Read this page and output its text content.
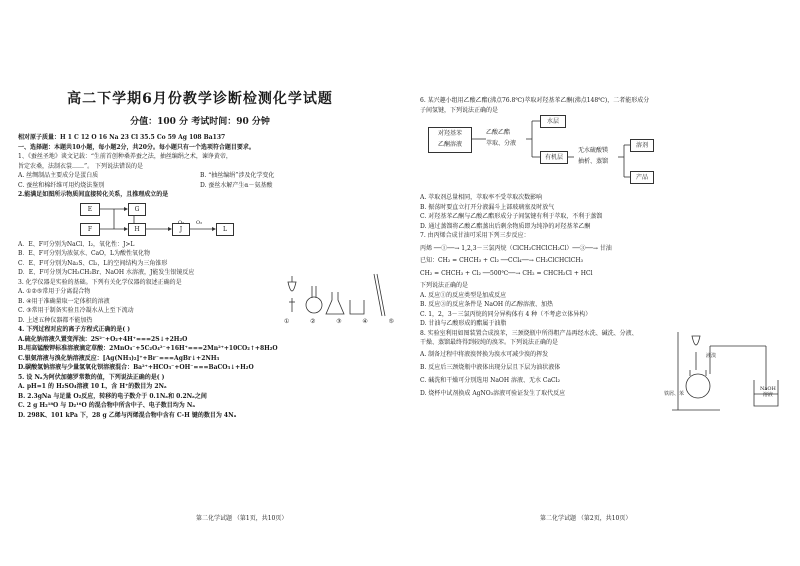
高二下学期6月份教学诊断检测化学试题
分值：100 分 考试时间：90 分钟

相对原子质量：H 1 C 12 O 16 Na 23 Cl 35.5 Co 59 Ag 108 Ba137

一、选择题：本题共10小题，每小题2分，共20分。每小题只有一个选项符合题目要求。

1、《蚕丝圣地》谈文记载：“生前首创种桑养蚕之法，抽丝编绢之术，谏诤黄帝，

旨定农桑，法制衣裳……”。 下列说法错误的是

A. 丝绸制品主要成分是蛋白质	B. “抽丝编绢”涉及化学变化

C. 蚕丝和棉纤维可用灼烧法鉴别	D. 蚕丝水解产生α－氨基酸

2.能满足如图所示物质间直接转化关系，且推理成立的是

E
F
G
H	J
O₂
L

A．E、F可分别为NaCl、I₂，氧化性：J>L

B．E、F可分别为浓氨水、CaO，L为酸性氧化物

C．E、F可分别为Na₂S、Cl₂，L的空间结构为三角锥形

D．E、F可分别为CH₃CH₂Br、NaOH 水溶液，J能发生银镜反应

3. 化学仪器是实验的基础。下列有关化学仪器的叙述正确的是

A. ①②⑤常用于分离混合物

B. ④用于准确量取一定体积的溶液

C. ③常用于制备实验且冷凝水从上至下流动

D. 上述五种仪器都不能加热	①	②	③	④	⑤

4. 下列过程对应的离子方程式正确的是( )

A.硫化钠溶液久置变浑浊：2S²⁻+O₂+4H⁺===2S↓+2H₂O

B.用高锰酸钾标准溶液滴定草酸：2MnO₄⁻+5C₂O₄²⁻+16H⁺===2Mn²⁺+10CO₂↑+8H₂O

C.银氨溶液与溴化钠溶液反应：[Ag(NH₃)₂]⁺+Br⁻===AgBr↓+2NH₃

D.碳酸氢钠溶液与少量氢氧化钡溶液混合：Ba²⁺+HCO₃⁻+OH⁻===BaCO₃↓+H₂O

5. 设 Nₐ为阿伏加德罗常数的值，下列说法正确的是( )

A. pH=1 的 H₂SO₄溶液 10 L，含 H⁺的数目为 2Nₐ

B. 2.3gNa 与足量 O₂反应，转移的电子数介于 0.1Nₐ和 0.2Nₐ之间

C. 2 g H₂¹⁸O 与 D₂¹⁶O 的混合物中所含中子、电子数目均为 Nₐ

D. 298K、101 kPa 下，28 g 乙烯与丙烯混合物中含有 C-H 键的数目为 4Nₐ

第二化学试题 （第1页，共10页）

6. 某兴趣小组用乙酸乙酯(沸点76.8℃)萃取对羟基苯乙酮(沸点148℃)，二者能形成分

子间氢键，下列说法正确的是

对羟基苯
乙酮溶液
乙酸乙酯
萃取、分液
水层
有机层
无水硫酸镁
抽析、蒸馏
溶剂
产品

A. 萃取剂总量相同，萃取率不受萃取次数影响

B. 振荡时要直立打开分液漏斗上部玻璃塞及时放气

C. 对羟基苯乙酮与乙酸乙酯形成分子间氢键有利于萃取，不利于蒸馏

D. 通过蒸馏将乙酸乙酯蒸出后剩余物质即为纯净的对羟基苯乙酮

7. 由丙烯合成甘油可采用下列三步反应：

丙烯 ──①──→ 1,2,3－三氯丙烷（ClCH₂CHClCH₂Cl）──③──→ 甘油

已知：CH₂ = CHCH₃ + Cl₂ ──CCl₄──→ CH₂ClCHClCH₃

CH₂ = CHCH₃ + Cl₂ ──500℃──→ CH₂ = CHCH₂Cl + HCl

下列说法正确的是

A. 反应①的反应类型是加成反应

B. 反应③的反应条件是 NaOH 的乙醇溶液、加热

C. 1，2，3－三氯丙烷的同分异构体有 4 种（不考虑立体异构）

D. 甘油与乙酸形成的酯属于油脂

8. 实验室利用如图装置合成溴苯，三颈烧瓶中所得粗产品再经水洗、碱洗、分液、

干燥、蒸馏最终得到较纯的溴苯。下列说法正确的是

A. 制备过程中将液溴替换为溴水可减少溴的挥发

B. 反应后三颈烧瓶中液体出现分层且下层为油状液体

C. 碱洗和干燥可分别选用 NaOH 溶液、无水 CaCl₂

D. 烧杯中试剂换成 AgNO₃溶液可验证发生了取代反应

液溴
铁屑、苯
NaOH
溶液
第二化学试题 （第2页，共10页）
